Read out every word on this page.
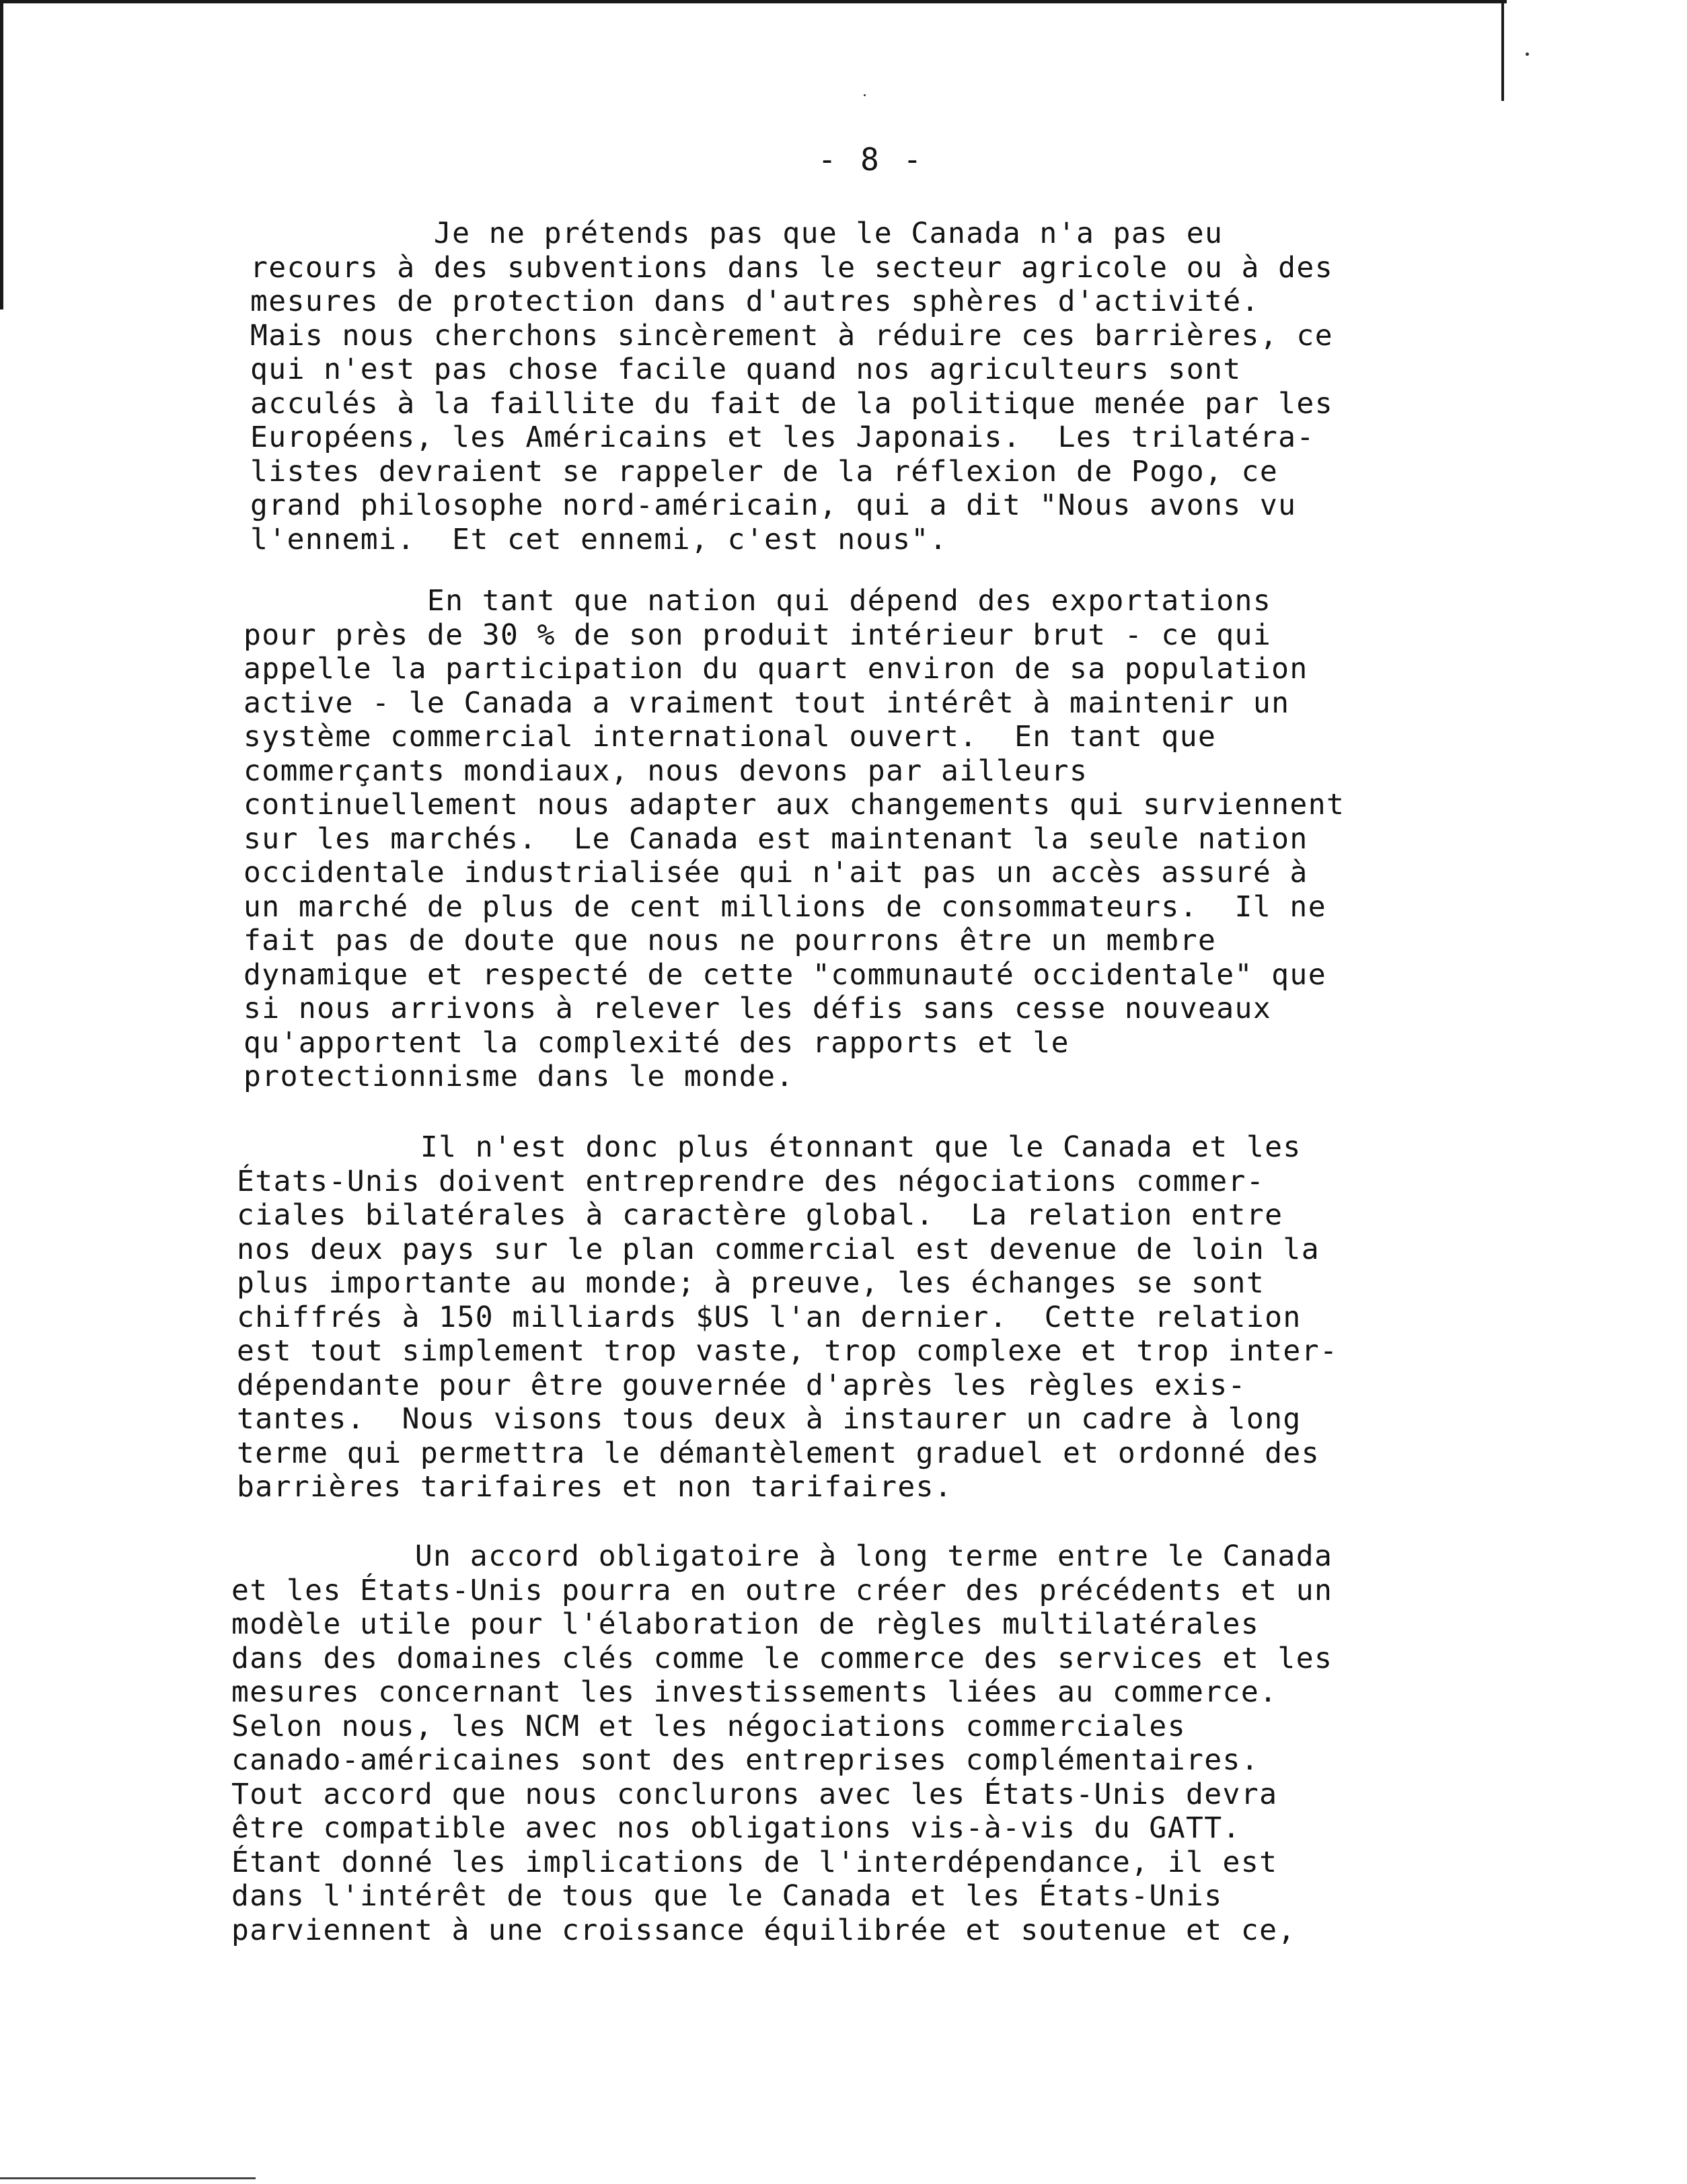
- 8 -

Je ne prétends pas que le Canada n'a pas eu
recours à des subventions dans le secteur agricole ou à des
mesures de protection dans d'autres sphères d'activité.
Mais nous cherchons sincèrement à réduire ces barrières, ce
qui n'est pas chose facile quand nos agriculteurs sont
acculés à la faillite du fait de la politique menée par les
Européens, les Américains et les Japonais.  Les trilatéra-
listes devraient se rappeler de la réflexion de Pogo, ce
grand philosophe nord-américain, qui a dit "Nous avons vu
l'ennemi.  Et cet ennemi, c'est nous".

En tant que nation qui dépend des exportations
pour près de 30 % de son produit intérieur brut - ce qui
appelle la participation du quart environ de sa population
active - le Canada a vraiment tout intérêt à maintenir un
système commercial international ouvert.  En tant que
commerçants mondiaux, nous devons par ailleurs
continuellement nous adapter aux changements qui surviennent
sur les marchés.  Le Canada est maintenant la seule nation
occidentale industrialisée qui n'ait pas un accès assuré à
un marché de plus de cent millions de consommateurs.  Il ne
fait pas de doute que nous ne pourrons être un membre
dynamique et respecté de cette "communauté occidentale" que
si nous arrivons à relever les défis sans cesse nouveaux
qu'apportent la complexité des rapports et le
protectionnisme dans le monde.

Il n'est donc plus étonnant que le Canada et les
États-Unis doivent entreprendre des négociations commer-
ciales bilatérales à caractère global.  La relation entre
nos deux pays sur le plan commercial est devenue de loin la
plus importante au monde; à preuve, les échanges se sont
chiffrés à 150 milliards $US l'an dernier.  Cette relation
est tout simplement trop vaste, trop complexe et trop inter-
dépendante pour être gouvernée d'après les règles exis-
tantes.  Nous visons tous deux à instaurer un cadre à long
terme qui permettra le démantèlement graduel et ordonné des
barrières tarifaires et non tarifaires.

Un accord obligatoire à long terme entre le Canada
et les États-Unis pourra en outre créer des précédents et un
modèle utile pour l'élaboration de règles multilatérales
dans des domaines clés comme le commerce des services et les
mesures concernant les investissements liées au commerce.
Selon nous, les NCM et les négociations commerciales
canado-américaines sont des entreprises complémentaires.
Tout accord que nous conclurons avec les États-Unis devra
être compatible avec nos obligations vis-à-vis du GATT.
Étant donné les implications de l'interdépendance, il est
dans l'intérêt de tous que le Canada et les États-Unis
parviennent à une croissance équilibrée et soutenue et ce,
